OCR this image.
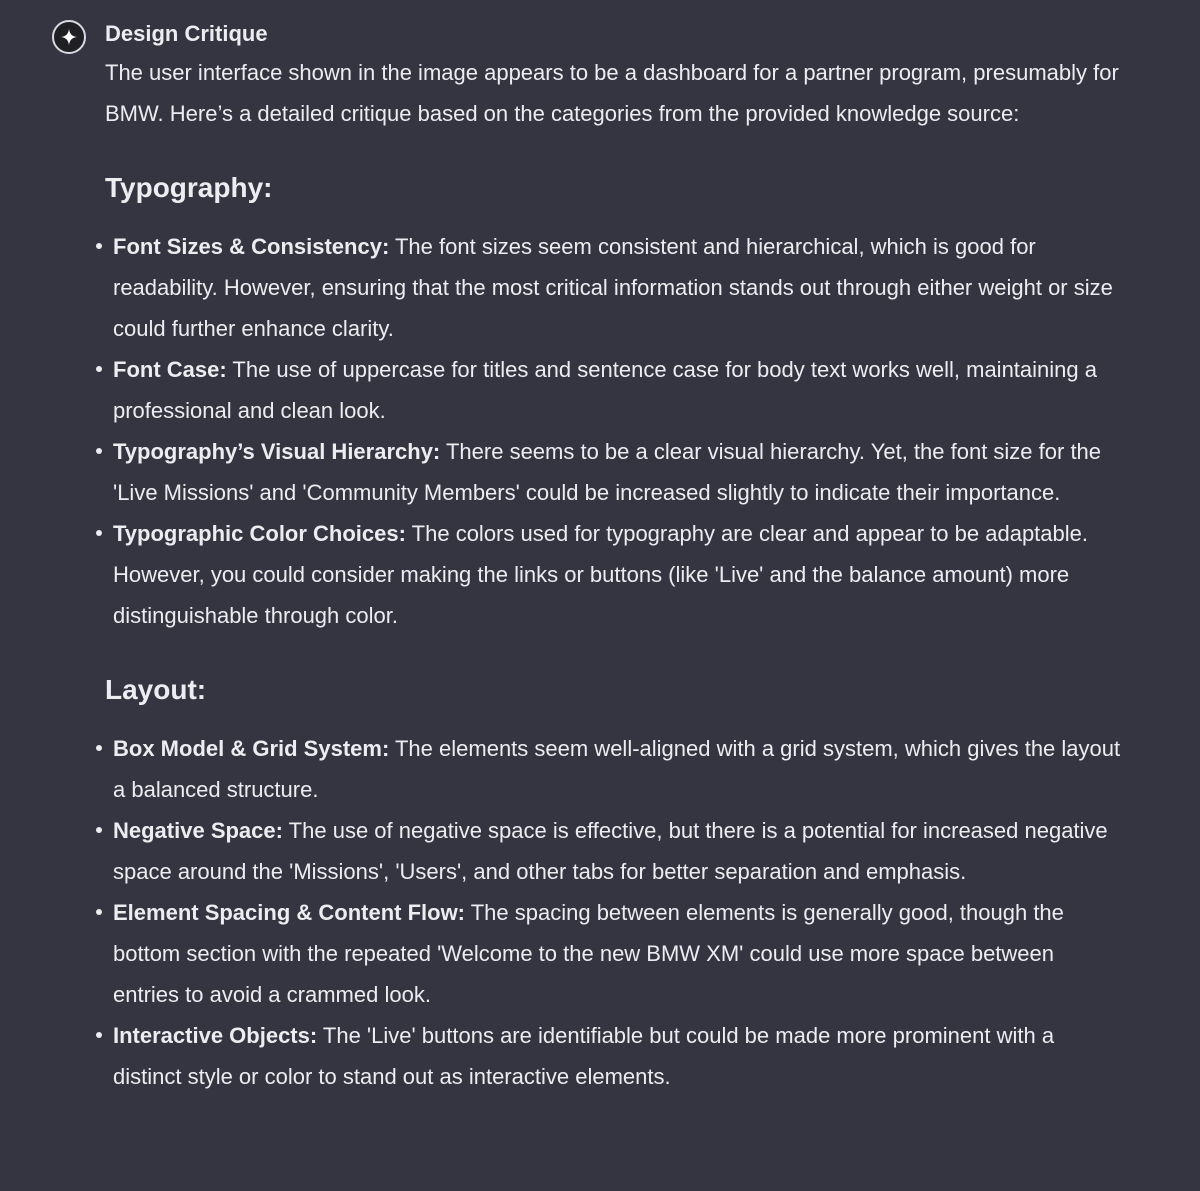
Design Critique

The user interface shown in the image appears to be a dashboard for a partner program, presumably for BMW. Here’s a detailed critique based on the categories from the provided knowledge source:

Typography:
Font Sizes & Consistency: The font sizes seem consistent and hierarchical, which is good for readability. However, ensuring that the most critical information stands out through either weight or size could further enhance clarity.
Font Case: The use of uppercase for titles and sentence case for body text works well, maintaining a professional and clean look.
Typography’s Visual Hierarchy: There seems to be a clear visual hierarchy. Yet, the font size for the 'Live Missions' and 'Community Members' could be increased slightly to indicate their importance.
Typographic Color Choices: The colors used for typography are clear and appear to be adaptable. However, you could consider making the links or buttons (like 'Live' and the balance amount) more distinguishable through color.
Layout:
Box Model & Grid System: The elements seem well-aligned with a grid system, which gives the layout a balanced structure.
Negative Space: The use of negative space is effective, but there is a potential for increased negative space around the 'Missions', 'Users', and other tabs for better separation and emphasis.
Element Spacing & Content Flow: The spacing between elements is generally good, though the bottom section with the repeated 'Welcome to the new BMW XM' could use more space between entries to avoid a crammed look.
Interactive Objects: The 'Live' buttons are identifiable but could be made more prominent with a distinct style or color to stand out as interactive elements.
